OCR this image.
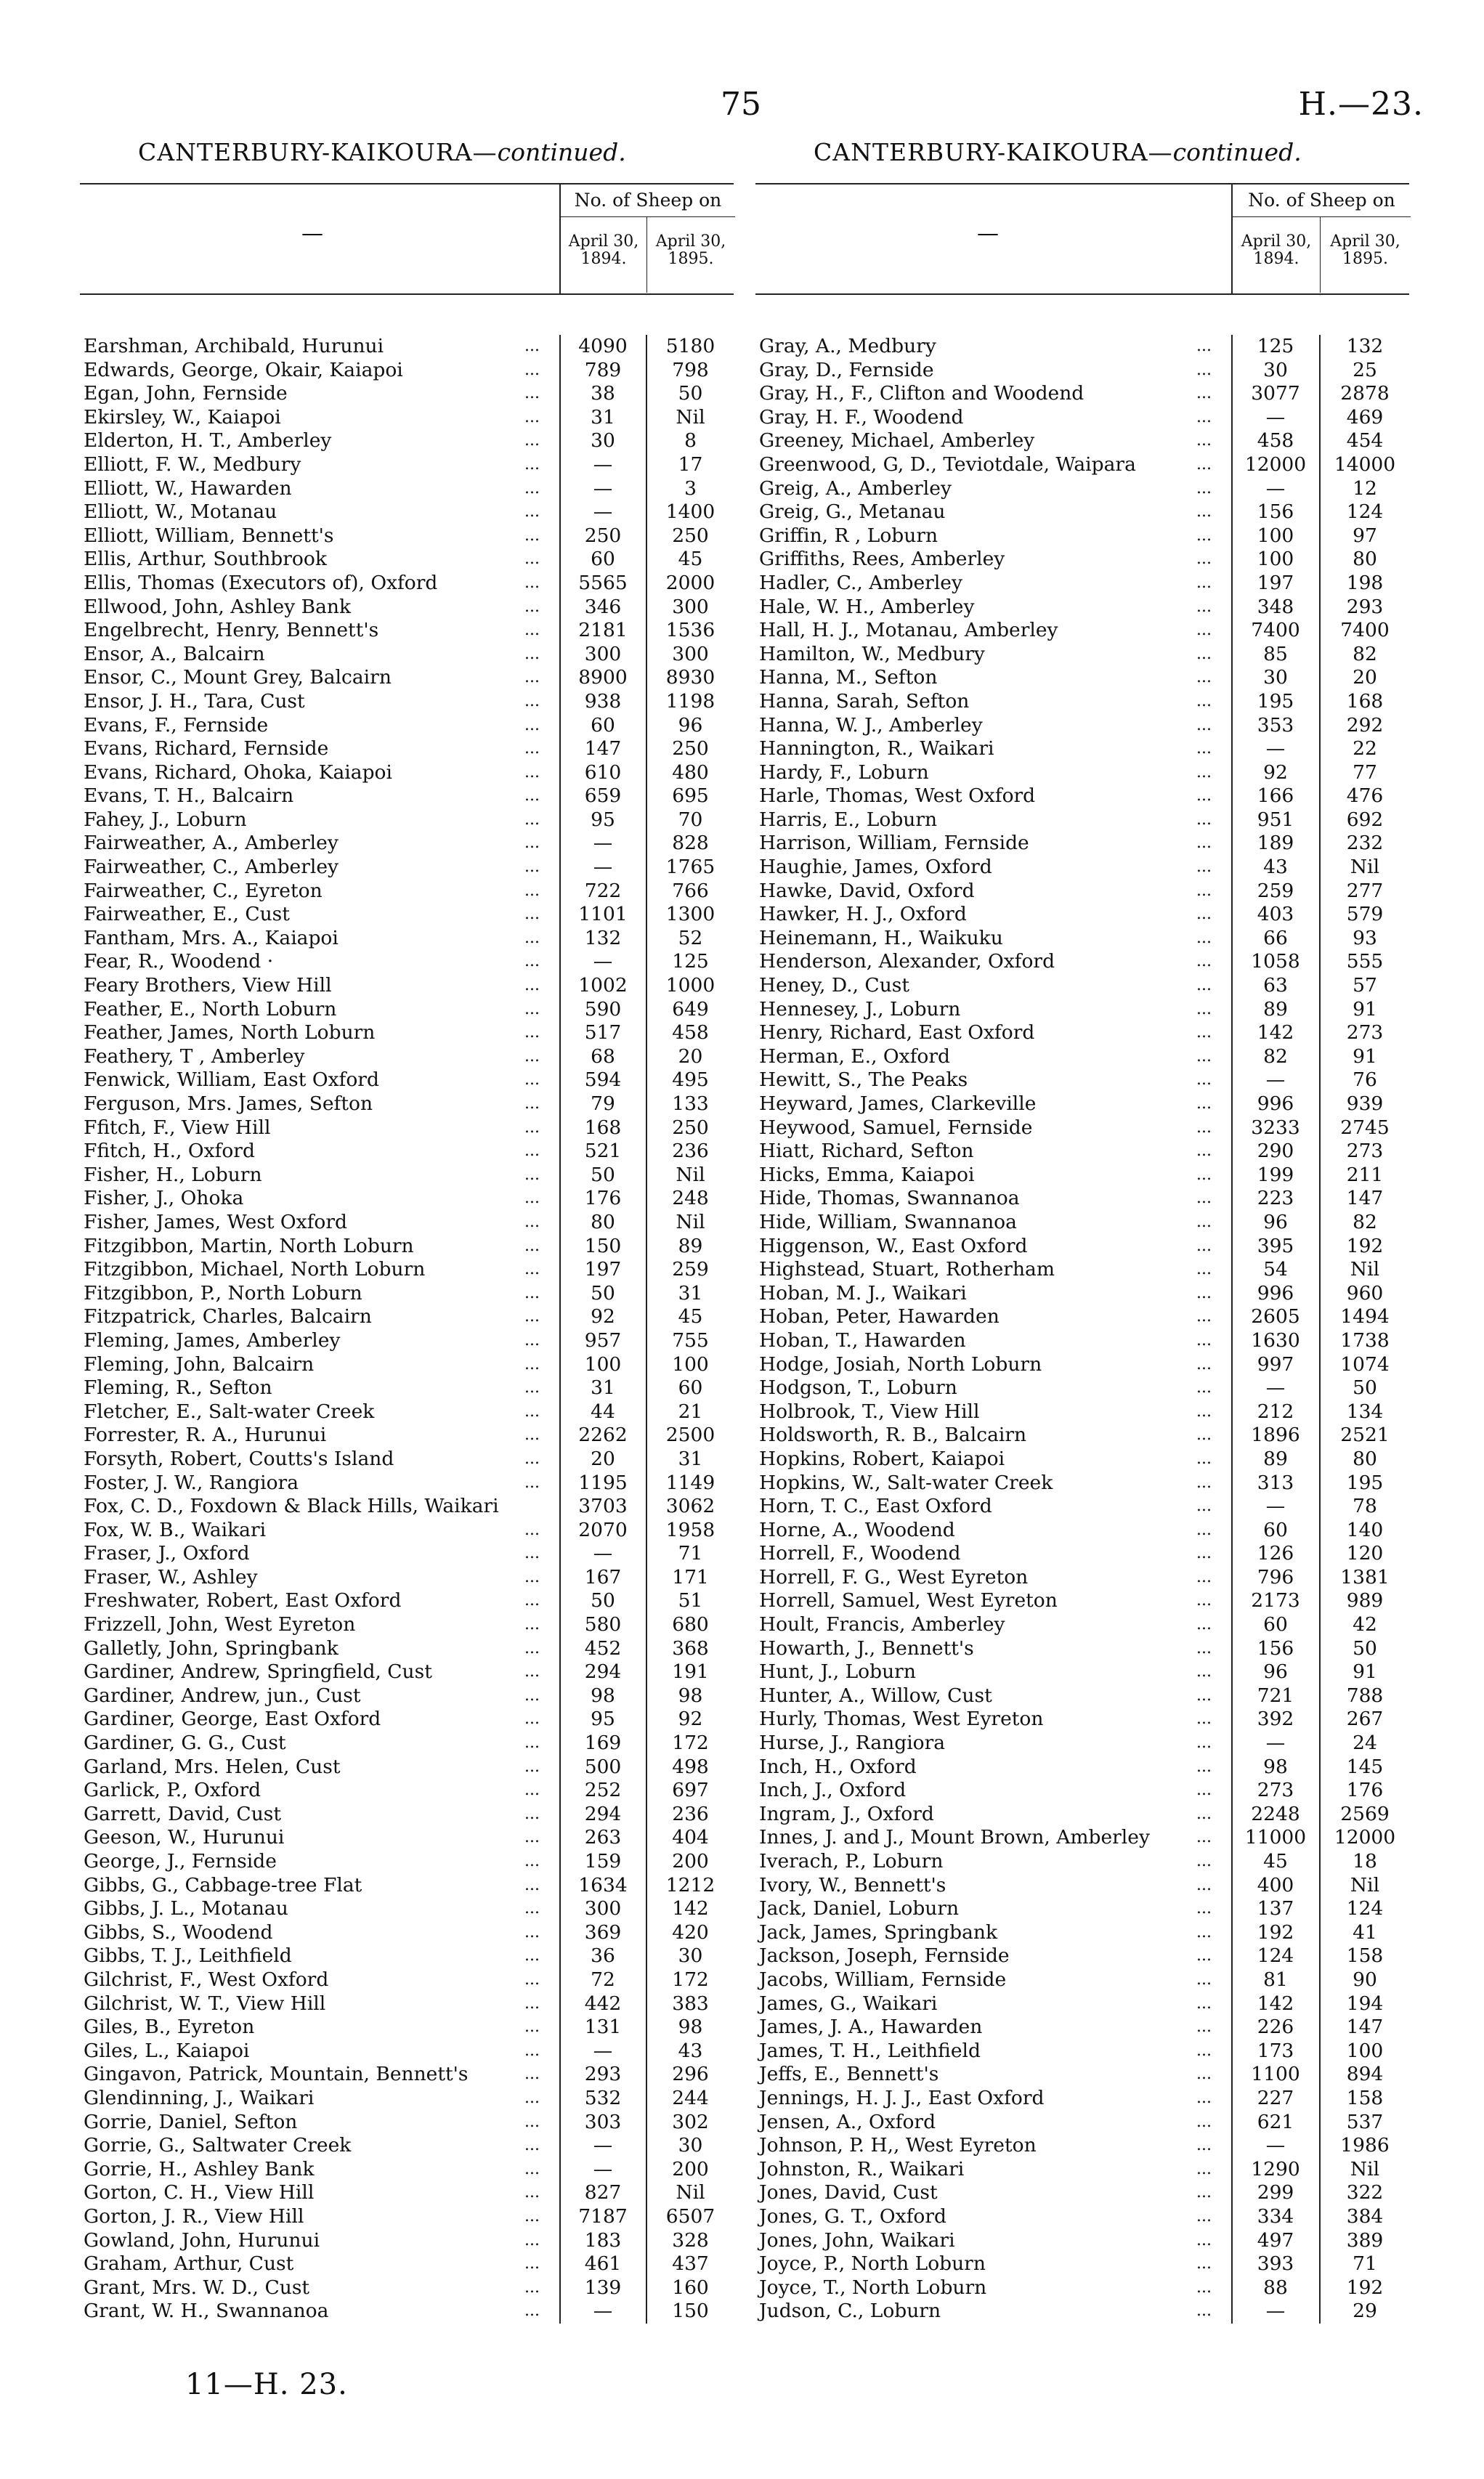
75	H.—23.
CANTERBURY-KAIKOURA—continued.
—
No. of Sheep on
April 30, 1894.
April 30, 1895.
Earshman, Archibald, Hurunui	...	4090	5180
Edwards, George, Okair, Kaiapoi	...	789	798
Egan, John, Fernside	...	38	50
Ekirsley, W., Kaiapoi	...	31	Nil
Elderton, H. T., Amberley	...	30	8
Elliott, F. W., Medbury	...	—	17
Elliott, W., Hawarden	...	—	3
Elliott, W., Motanau	...	—	1400
Elliott, William, Bennett's	...	250	250
Ellis, Arthur, Southbrook	...	60	45
Ellis, Thomas (Executors of), Oxford	...	5565	2000
Ellwood, John, Ashley Bank	...	346	300
Engelbrecht, Henry, Bennett's	...	2181	1536
Ensor, A., Balcairn	...	300	300
Ensor, C., Mount Grey, Balcairn	...	8900	8930
Ensor, J. H., Tara, Cust	...	938	1198
Evans, F., Fernside	...	60	96
Evans, Richard, Fernside	...	147	250
Evans, Richard, Ohoka, Kaiapoi	...	610	480
Evans, T. H., Balcairn	...	659	695
Fahey, J., Loburn	...	95	70
Fairweather, A., Amberley	...	—	828
Fairweather, C., Amberley	...	—	1765
Fairweather, C., Eyreton	...	722	766
Fairweather, E., Cust	...	1101	1300
Fantham, Mrs. A., Kaiapoi	...	132	52
Fear, R., Woodend ·	...	—	125
Feary Brothers, View Hill	...	1002	1000
Feather, E., North Loburn	...	590	649
Feather, James, North Loburn	...	517	458
Feathery, T , Amberley	...	68	20
Fenwick, William, East Oxford	...	594	495
Ferguson, Mrs. James, Sefton	...	79	133
Ffitch, F., View Hill	...	168	250
Ffitch, H., Oxford	...	521	236
Fisher, H., Loburn	...	50	Nil
Fisher, J., Ohoka	...	176	248
Fisher, James, West Oxford	...	80	Nil
Fitzgibbon, Martin, North Loburn	...	150	89
Fitzgibbon, Michael, North Loburn	...	197	259
Fitzgibbon, P., North Loburn	...	50	31
Fitzpatrick, Charles, Balcairn	...	92	45
Fleming, James, Amberley	...	957	755
Fleming, John, Balcairn	...	100	100
Fleming, R., Sefton	...	31	60
Fletcher, E., Salt-water Creek	...	44	21
Forrester, R. A., Hurunui	...	2262	2500
Forsyth, Robert, Coutts's Island	...	20	31
Foster, J. W., Rangiora	...	1195	1149
Fox, C. D., Foxdown & Black Hills, Waikari	3703	3062
Fox, W. B., Waikari	...	2070	1958
Fraser, J., Oxford	...	—	71
Fraser, W., Ashley	...	167	171
Freshwater, Robert, East Oxford	...	50	51
Frizzell, John, West Eyreton	...	580	680
Galletly, John, Springbank	...	452	368
Gardiner, Andrew, Springfield, Cust	...	294	191
Gardiner, Andrew, jun., Cust	...	98	98
Gardiner, George, East Oxford	...	95	92
Gardiner, G. G., Cust	...	169	172
Garland, Mrs. Helen, Cust	...	500	498
Garlick, P., Oxford	...	252	697
Garrett, David, Cust	...	294	236
Geeson, W., Hurunui	...	263	404
George, J., Fernside	...	159	200
Gibbs, G., Cabbage-tree Flat	...	1634	1212
Gibbs, J. L., Motanau	...	300	142
Gibbs, S., Woodend	...	369	420
Gibbs, T. J., Leithfield	...	36	30
Gilchrist, F., West Oxford	...	72	172
Gilchrist, W. T., View Hill	...	442	383
Giles, B., Eyreton	...	131	98
Giles, L., Kaiapoi	...	—	43
Gingavon, Patrick, Mountain, Bennett's	...	293	296
Glendinning, J., Waikari	...	532	244
Gorrie, Daniel, Sefton	...	303	302
Gorrie, G., Saltwater Creek	...	—	30
Gorrie, H., Ashley Bank	...	—	200
Gorton, C. H., View Hill	...	827	Nil
Gorton, J. R., View Hill	...	7187	6507
Gowland, John, Hurunui	...	183	328
Graham, Arthur, Cust	...	461	437
Grant, Mrs. W. D., Cust	...	139	160
Grant, W. H., Swannanoa	...	—	150
CANTERBURY-KAIKOURA—continued.
—
No. of Sheep on
April 30, 1894.
April 30, 1895.
Gray, A., Medbury	...	125	132
Gray, D., Fernside	...	30	25
Gray, H., F., Clifton and Woodend	...	3077	2878
Gray, H. F., Woodend	...	—	469
Greeney, Michael, Amberley	...	458	454
Greenwood, G, D., Teviotdale, Waipara	...	12000	14000
Greig, A., Amberley	...	—	12
Greig, G., Metanau	...	156	124
Griffin, R , Loburn	...	100	97
Griffiths, Rees, Amberley	...	100	80
Hadler, C., Amberley	...	197	198
Hale, W. H., Amberley	...	348	293
Hall, H. J., Motanau, Amberley	...	7400	7400
Hamilton, W., Medbury	...	85	82
Hanna, M., Sefton	...	30	20
Hanna, Sarah, Sefton	...	195	168
Hanna, W. J., Amberley	...	353	292
Hannington, R., Waikari	...	—	22
Hardy, F., Loburn	...	92	77
Harle, Thomas, West Oxford	...	166	476
Harris, E., Loburn	...	951	692
Harrison, William, Fernside	...	189	232
Haughie, James, Oxford	...	43	Nil
Hawke, David, Oxford	...	259	277
Hawker, H. J., Oxford	...	403	579
Heinemann, H., Waikuku	...	66	93
Henderson, Alexander, Oxford	...	1058	555
Heney, D., Cust	...	63	57
Hennesey, J., Loburn	...	89	91
Henry, Richard, East Oxford	...	142	273
Herman, E., Oxford	...	82	91
Hewitt, S., The Peaks	...	—	76
Heyward, James, Clarkeville	...	996	939
Heywood, Samuel, Fernside	...	3233	2745
Hiatt, Richard, Sefton	...	290	273
Hicks, Emma, Kaiapoi	...	199	211
Hide, Thomas, Swannanoa	...	223	147
Hide, William, Swannanoa	...	96	82
Higgenson, W., East Oxford	...	395	192
Highstead, Stuart, Rotherham	...	54	Nil
Hoban, M. J., Waikari	...	996	960
Hoban, Peter, Hawarden	...	2605	1494
Hoban, T., Hawarden	...	1630	1738
Hodge, Josiah, North Loburn	...	997	1074
Hodgson, T., Loburn	...	—	50
Holbrook, T., View Hill	...	212	134
Holdsworth, R. B., Balcairn	...	1896	2521
Hopkins, Robert, Kaiapoi	...	89	80
Hopkins, W., Salt-water Creek	...	313	195
Horn, T. C., East Oxford	...	—	78
Horne, A., Woodend	...	60	140
Horrell, F., Woodend	...	126	120
Horrell, F. G., West Eyreton	...	796	1381
Horrell, Samuel, West Eyreton	...	2173	989
Hoult, Francis, Amberley	...	60	42
Howarth, J., Bennett's	...	156	50
Hunt, J., Loburn	...	96	91
Hunter, A., Willow, Cust	...	721	788
Hurly, Thomas, West Eyreton	...	392	267
Hurse, J., Rangiora	...	—	24
Inch, H., Oxford	...	98	145
Inch, J., Oxford	...	273	176
Ingram, J., Oxford	...	2248	2569
Innes, J. and J., Mount Brown, Amberley	...	11000	12000
Iverach, P., Loburn	...	45	18
Ivory, W., Bennett's	...	400	Nil
Jack, Daniel, Loburn	...	137	124
Jack, James, Springbank	...	192	41
Jackson, Joseph, Fernside	...	124	158
Jacobs, William, Fernside	...	81	90
James, G., Waikari	...	142	194
James, J. A., Hawarden	...	226	147
James, T. H., Leithfield	...	173	100
Jeffs, E., Bennett's	...	1100	894
Jennings, H. J. J., East Oxford	...	227	158
Jensen, A., Oxford	...	621	537
Johnson, P. H,, West Eyreton	...	—	1986
Johnston, R., Waikari	...	1290	Nil
Jones, David, Cust	...	299	322
Jones, G. T., Oxford	...	334	384
Jones, John, Waikari	...	497	389
Joyce, P., North Loburn	...	393	71
Joyce, T., North Loburn	...	88	192
Judson, C., Loburn	...	—	29
11—H. 23.
